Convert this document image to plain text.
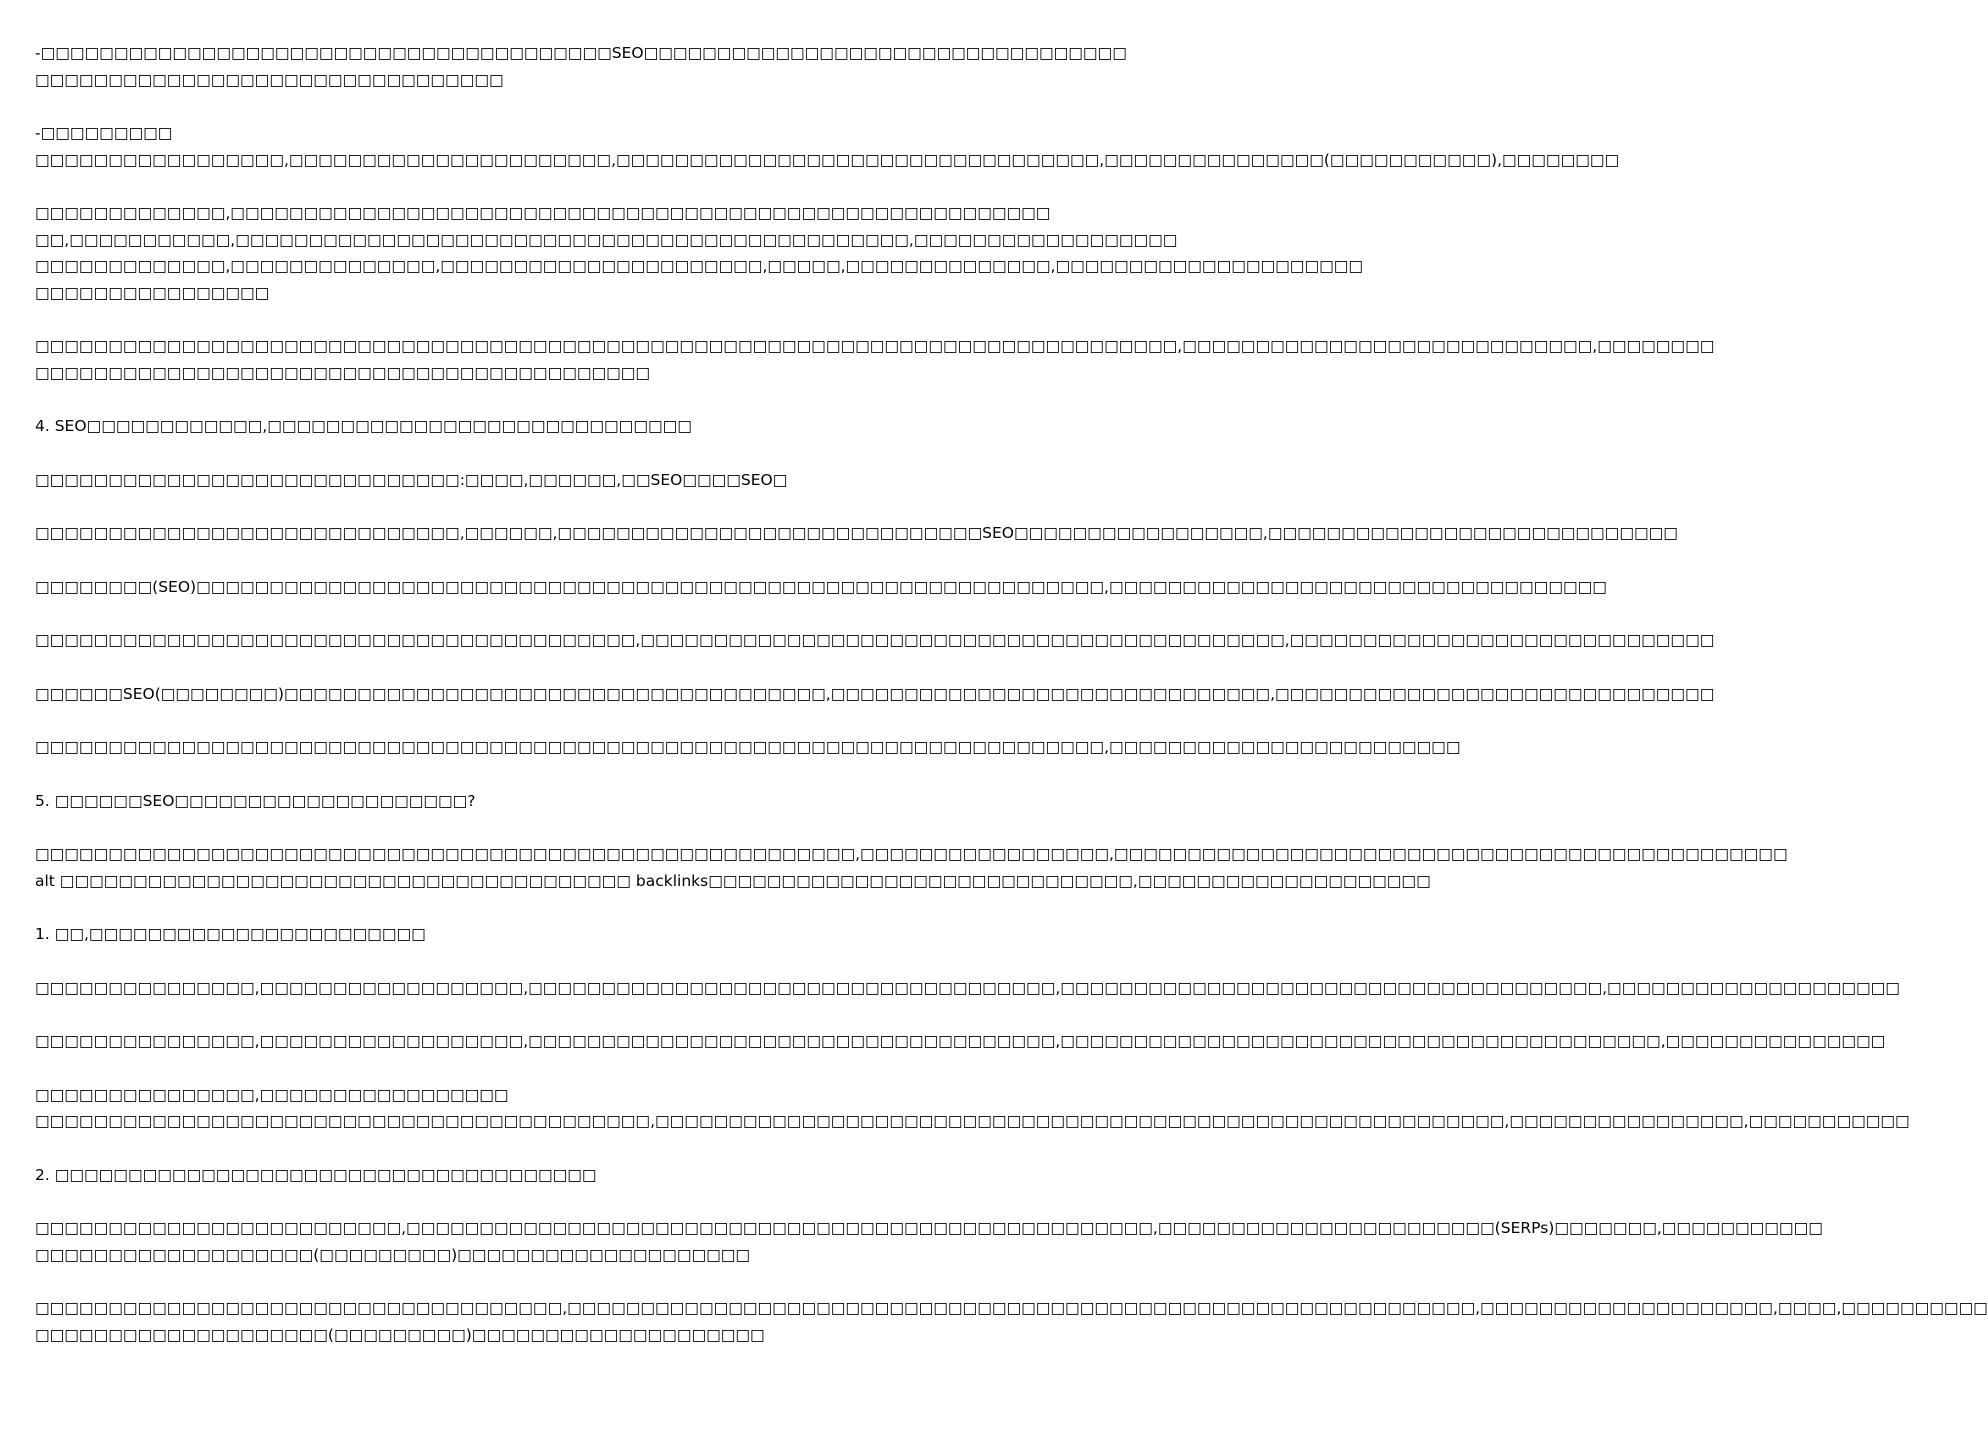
-□□□□□□□□□□□□□□□□□□□□□□□□□□□□□□□□□□□□□□□SEO□□□□□□□□□□□□□□□□□□□□□□□□□□□□□□□□□
□□□□□□□□□□□□□□□□□□□□□□□□□□□□□□□□

-□□□□□□□□□
□□□□□□□□□□□□□□□□□,□□□□□□□□□□□□□□□□□□□□□□,□□□□□□□□□□□□□□□□□□□□□□□□□□□□□□□□□,□□□□□□□□□□□□□□□(□□□□□□□□□□□),□□□□□□□□

□□□□□□□□□□□□□,□□□□□□□□□□□□□□□□□□□□□□□□□□□□□□□□□□□□□□□□□□□□□□□□□□□□□□□□
□□,□□□□□□□□□□□,□□□□□□□□□□□□□□□□□□□□□□□□□□□□□□□□□□□□□□□□□□□□□□,□□□□□□□□□□□□□□□□□□
□□□□□□□□□□□□□,□□□□□□□□□□□□□□,□□□□□□□□□□□□□□□□□□□□□□,□□□□□,□□□□□□□□□□□□□□,□□□□□□□□□□□□□□□□□□□□□
□□□□□□□□□□□□□□□□

□□□□□□□□□□□□□□□□□□□□□□□□□□□□□□□□□□□□□□□□□□□□□□□□□□□□□□□□□□□□□□□□□□□□□□□□□□□□□□,□□□□□□□□□□□□□□□□□□□□□□□□□□□□,□□□□□□□□
□□□□□□□□□□□□□□□□□□□□□□□□□□□□□□□□□□□□□□□□□□

4. SEO□□□□□□□□□□□□,□□□□□□□□□□□□□□□□□□□□□□□□□□□□□

□□□□□□□□□□□□□□□□□□□□□□□□□□□□□:□□□□,□□□□□□,□□SEO□□□□SEO□

□□□□□□□□□□□□□□□□□□□□□□□□□□□□□,□□□□□□,□□□□□□□□□□□□□□□□□□□□□□□□□□□□□SEO□□□□□□□□□□□□□□□□□,□□□□□□□□□□□□□□□□□□□□□□□□□□□□

□□□□□□□□(SEO)□□□□□□□□□□□□□□□□□□□□□□□□□□□□□□□□□□□□□□□□□□□□□□□□□□□□□□□□□□□□□□,□□□□□□□□□□□□□□□□□□□□□□□□□□□□□□□□□□

□□□□□□□□□□□□□□□□□□□□□□□□□□□□□□□□□□□□□□□□□,□□□□□□□□□□□□□□□□□□□□□□□□□□□□□□□□□□□□□□□□□□□□,□□□□□□□□□□□□□□□□□□□□□□□□□□□□□

□□□□□□SEO(□□□□□□□□)□□□□□□□□□□□□□□□□□□□□□□□□□□□□□□□□□□□□□,□□□□□□□□□□□□□□□□□□□□□□□□□□□□□□,□□□□□□□□□□□□□□□□□□□□□□□□□□□□□□

□□□□□□□□□□□□□□□□□□□□□□□□□□□□□□□□□□□□□□□□□□□□□□□□□□□□□□□□□□□□□□□□□□□□□□□□□,□□□□□□□□□□□□□□□□□□□□□□□□

5. □□□□□□SEO□□□□□□□□□□□□□□□□□□□□?

□□□□□□□□□□□□□□□□□□□□□□□□□□□□□□□□□□□□□□□□□□□□□□□□□□□□□□□□,□□□□□□□□□□□□□□□□□,□□□□□□□□□□□□□□□□□□□□□□□□□□□□□□□□□□□□□□□□□□□□□□
alt □□□□□□□□□□□□□□□□□□□□□□□□□□□□□□□□□□□□□□□ backlinks□□□□□□□□□□□□□□□□□□□□□□□□□□□□□,□□□□□□□□□□□□□□□□□□□□

1. □□,□□□□□□□□□□□□□□□□□□□□□□□

□□□□□□□□□□□□□□□,□□□□□□□□□□□□□□□□□□,□□□□□□□□□□□□□□□□□□□□□□□□□□□□□□□□□□□□,□□□□□□□□□□□□□□□□□□□□□□□□□□□□□□□□□□□□□,□□□□□□□□□□□□□□□□□□□□

□□□□□□□□□□□□□□□,□□□□□□□□□□□□□□□□□□,□□□□□□□□□□□□□□□□□□□□□□□□□□□□□□□□□□□□,□□□□□□□□□□□□□□□□□□□□□□□□□□□□□□□□□□□□□□□□□,□□□□□□□□□□□□□□□

□□□□□□□□□□□□□□□,□□□□□□□□□□□□□□□□□
□□□□□□□□□□□□□□□□□□□□□□□□□□□□□□□□□□□□□□□□□□,□□□□□□□□□□□□□□□□□□□□□□□□□□□□□□□□□□□□□□□□□□□□□□□□□□□□□□□□□□,□□□□□□□□□□□□□□□□,□□□□□□□□□□□

2. □□□□□□□□□□□□□□□□□□□□□□□□□□□□□□□□□□□□□

□□□□□□□□□□□□□□□□□□□□□□□□□,□□□□□□□□□□□□□□□□□□□□□□□□□□□□□□□□□□□□□□□□□□□□□□□□□□□,□□□□□□□□□□□□□□□□□□□□□□□(SERPs)□□□□□□□,□□□□□□□□□□□
□□□□□□□□□□□□□□□□□□□(□□□□□□□□□)□□□□□□□□□□□□□□□□□□□□

□□□□□□□□□□□□□□□□□□□□□□□□□□□□□□□□□□□□,□□□□□□□□□□□□□□□□□□□□□□□□□□□□□□□□□□□□□□□□□□□□□□□□□□□□□□□□□□□□□□,□□□□□□□□□□□□□□□□□□□□,□□□□,□□□□□□□□□□
□□□□□□□□□□□□□□□□□□□□(□□□□□□□□□)□□□□□□□□□□□□□□□□□□□□
